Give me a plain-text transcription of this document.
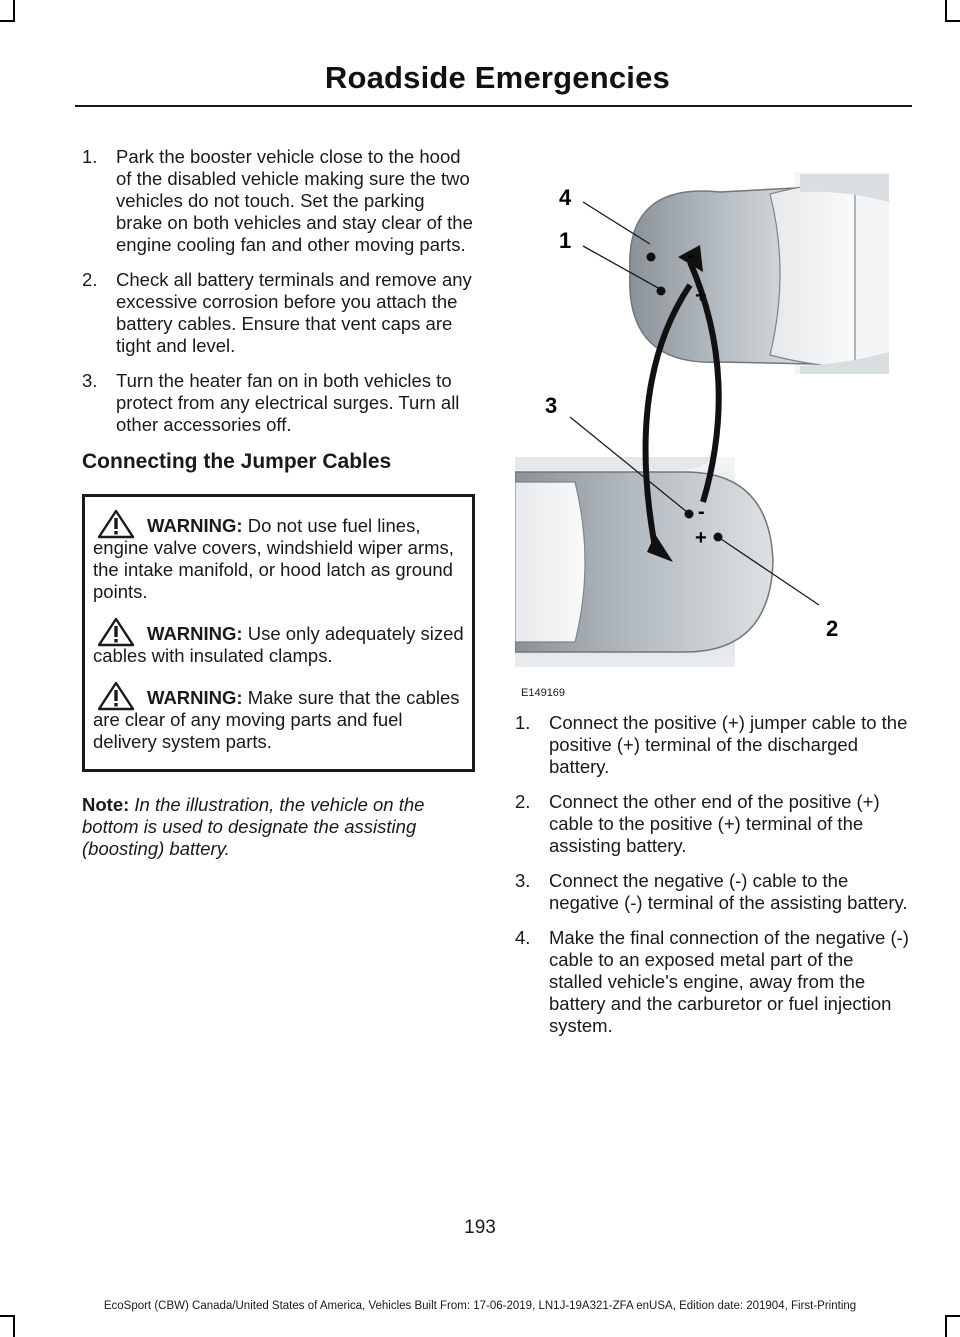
Roadside Emergencies
1. Park the booster vehicle close to the hood of the disabled vehicle making sure the two vehicles do not touch. Set the parking brake on both vehicles and stay clear of the engine cooling fan and other moving parts.
2. Check all battery terminals and remove any excessive corrosion before you attach the battery cables. Ensure that vent caps are tight and level.
3. Turn the heater fan on in both vehicles to protect from any electrical surges. Turn all other accessories off.
Connecting the Jumper Cables
WARNING: Do not use fuel lines, engine valve covers, windshield wiper arms, the intake manifold, or hood latch as ground points.
WARNING: Use only adequately sized cables with insulated clamps.
WARNING: Make sure that the cables are clear of any moving parts and fuel delivery system parts.
Note: In the illustration, the vehicle on the bottom is used to designate the assisting (boosting) battery.
-
+
-
+
4
1
3
2
E149169
1. Connect the positive (+) jumper cable to the positive (+) terminal of the discharged battery.
2. Connect the other end of the positive (+) cable to the positive (+) terminal of the assisting battery.
3. Connect the negative (-) cable to the negative (-) terminal of the assisting battery.
4. Make the final connection of the negative (-) cable to an exposed metal part of the stalled vehicle's engine, away from the battery and the carburetor or fuel injection system.
193
EcoSport (CBW) Canada/United States of America, Vehicles Built From: 17-06-2019, LN1J-19A321-ZFA enUSA, Edition date: 201904, First-Printing
